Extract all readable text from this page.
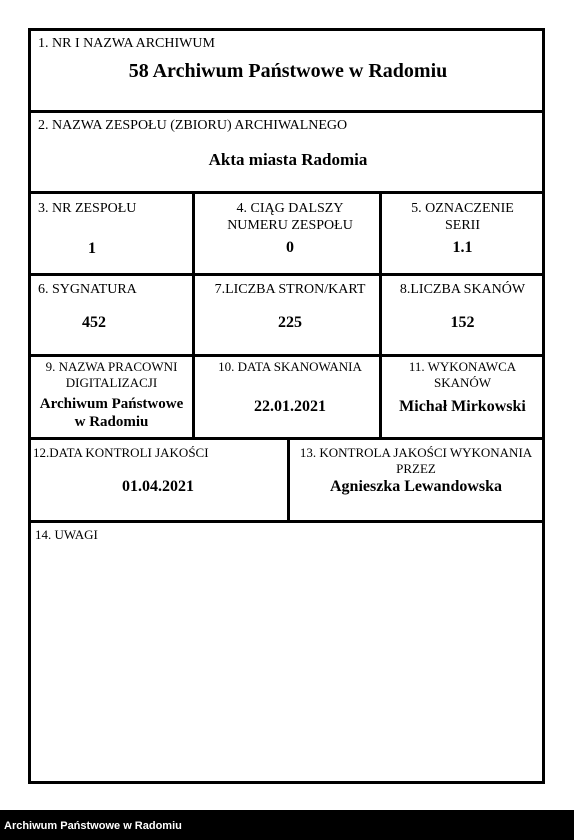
1. NR I NAZWA ARCHIWUM
58 Archiwum Państwowe w Radomiu
2. NAZWA ZESPOŁU (ZBIORU) ARCHIWALNEGO
Akta miasta Radomia
3. NR ZESPOŁU
1
4. CIĄG DALSZY
NUMERU ZESPOŁU
0
5. OZNACZENIE
SERII
1.1
6. SYGNATURA
452
7.LICZBA STRON/KART
225
8.LICZBA SKANÓW
152
9. NAZWA PRACOWNI
DIGITALIZACJI
Archiwum Państwowe
w Radomiu
10. DATA SKANOWANIA
22.01.2021
11. WYKONAWCA
SKANÓW
Michał Mirkowski
12.DATA KONTROLI JAKOŚCI
01.04.2021
13. KONTROLA JAKOŚCI WYKONANIA
PRZEZ
Agnieszka Lewandowska
14. UWAGI
Archiwum Państwowe w Radomiu
